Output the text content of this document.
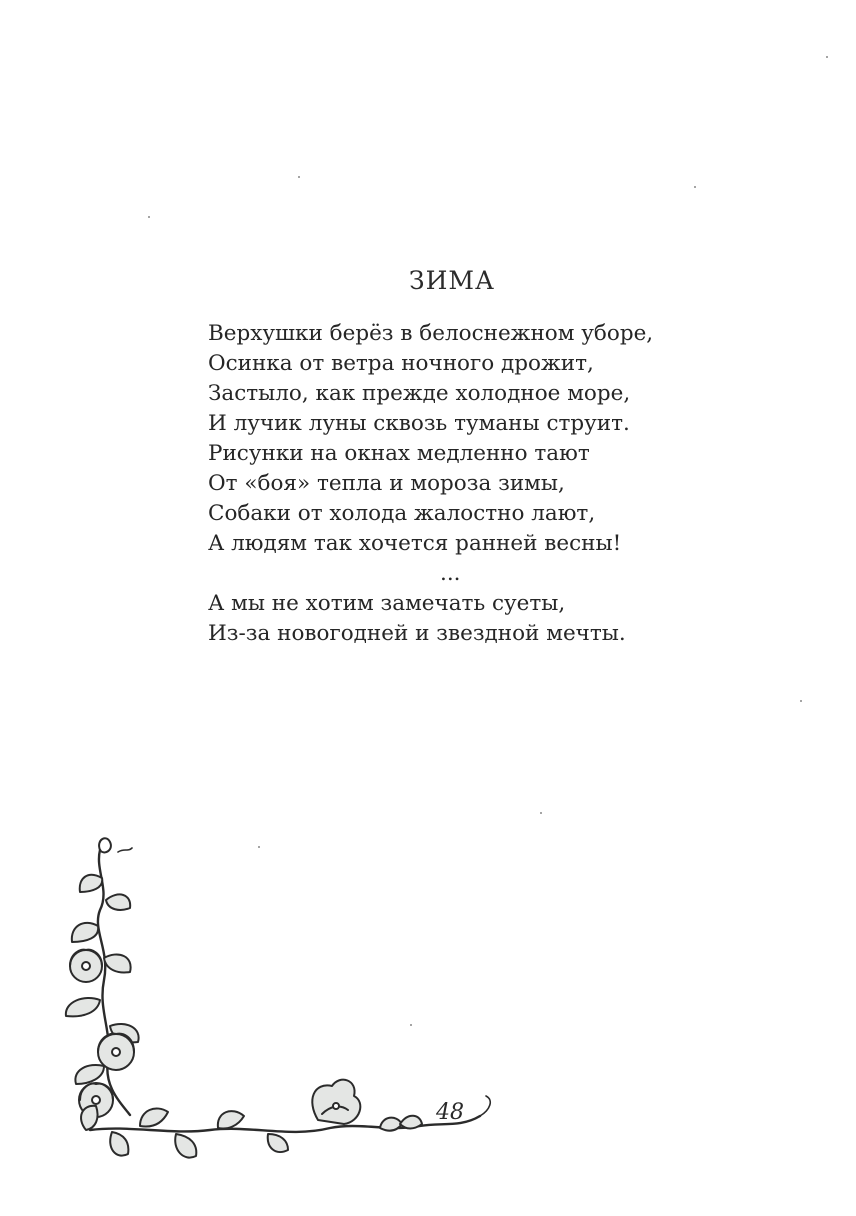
ЗИМА
Верхушки берёз в белоснежном уборе,
Осинка от ветра ночного дрожит,
Застыло, как прежде холодное море,
И лучик луны сквозь туманы струит.
Рисунки на окнах медленно тают
От «боя» тепла и мороза зимы,
Собаки от холода жалостно лают,
А людям так хочется ранней весны!
...
А мы не хотим замечать суеты,
Из-за новогодней и звездной мечты.
48
